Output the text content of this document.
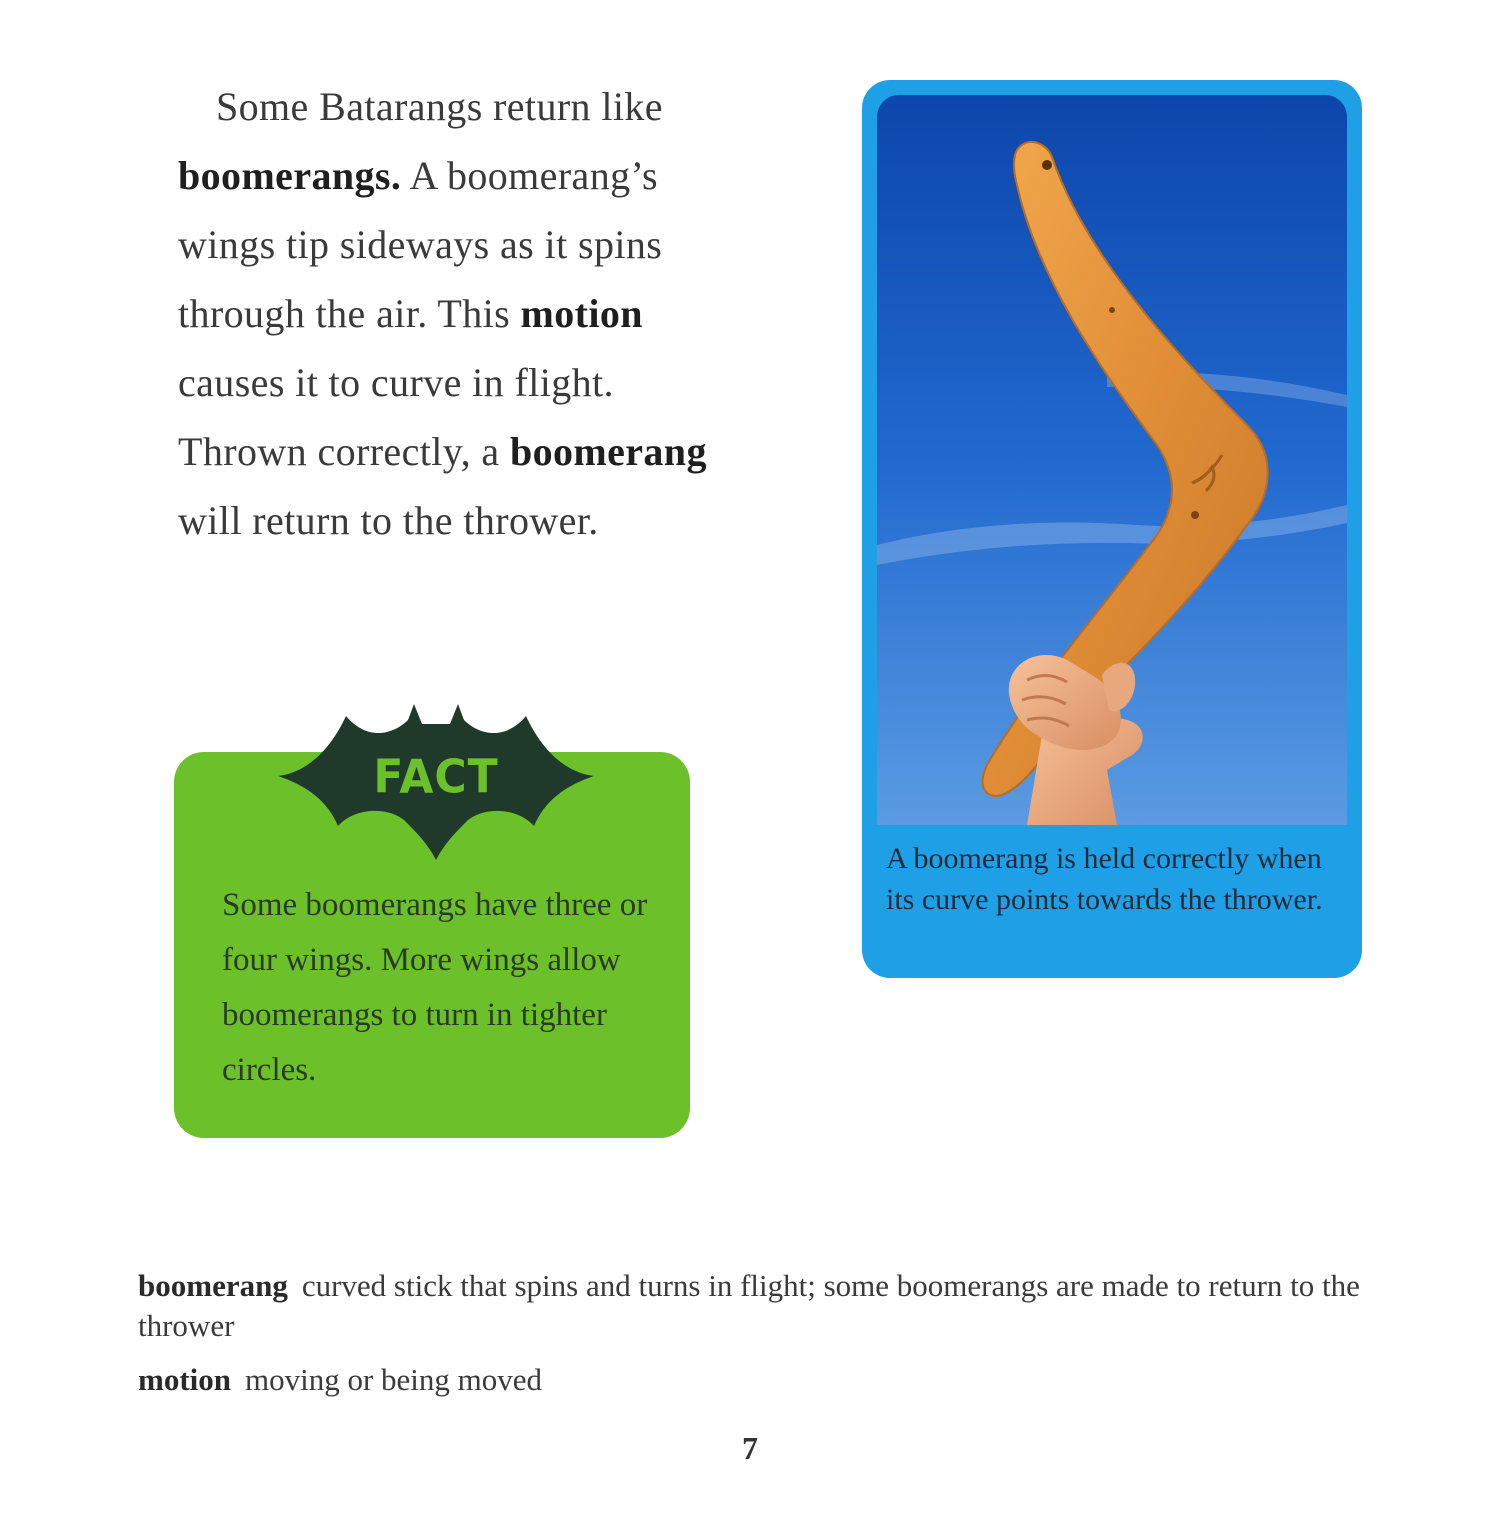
Some Batarangs return like
boomerangs. A boomerang’s
wings tip sideways as it spins
through the air. This motion
causes it to curve in flight.
Thrown correctly, a boomerang
will return to the thrower.

A boomerang is held correctly when its curve points towards the thrower.

FACT

Some boomerangs have three or four wings. More wings allow boomerangs to turn in tighter circles.

boomerang curved stick that spins and turns in flight; some boomerangs are made to return to the thrower

motion moving or being moved

7
